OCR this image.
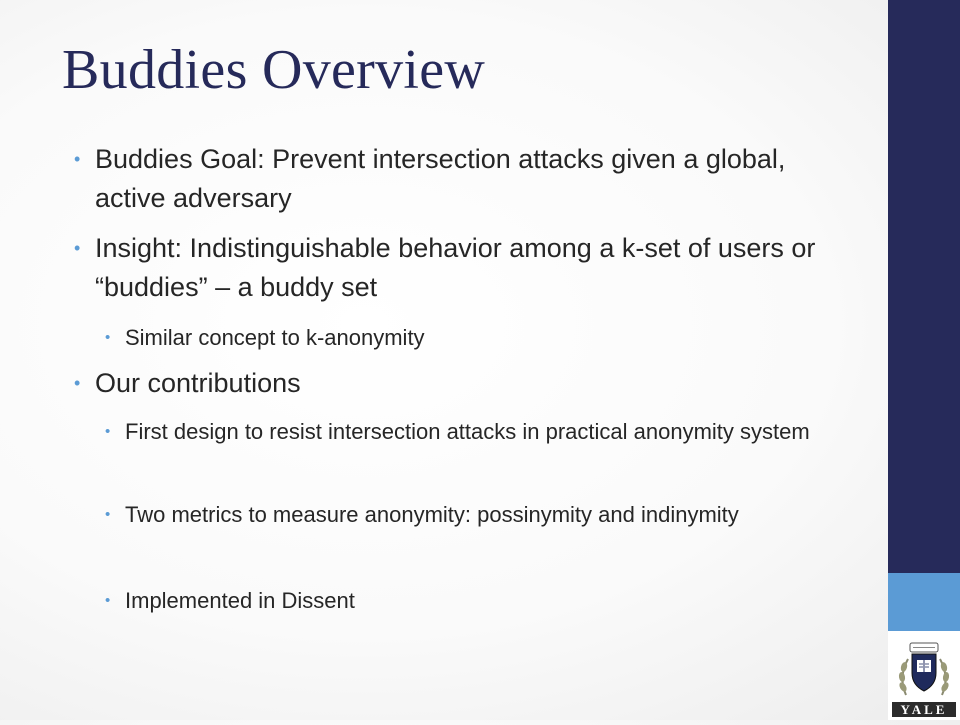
Buddies Overview

• Buddies Goal: Prevent intersection attacks given a global, active adversary

• Insight: Indistinguishable behavior among a k-set of users or “buddies” – a buddy set

• Similar concept to k-anonymity

• Our contributions

• First design to resist intersection attacks in practical anonymity system

• Two metrics to measure anonymity: possinymity and indinymity

• Implemented in Dissent

YALE
